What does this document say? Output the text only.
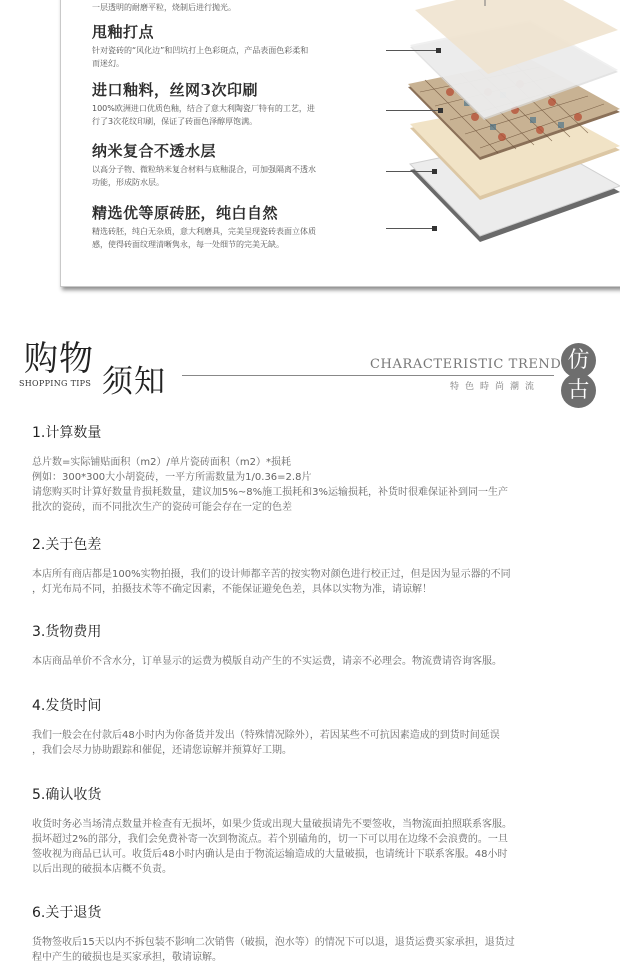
一层透明的耐磨平粒，烧制后进行抛光。
甩釉打点

针对瓷砖的“风化边”和凹坑打上色彩斑点，产品表面色彩柔和
而迷幻。

进口釉料，丝网3次印刷

100%欧洲进口优质色釉，结合了意大利陶瓷厂特有的工艺，进
行了3次花纹印刷，保证了砖面色泽醇厚饱满。

纳米复合不透水层

以高分子物、微粒纳米复合材料与底釉混合，可加强隔离不透水
功能，形成防水层。

精选优等原砖胚，纯白自然

精选砖胚，纯白无杂质，意大利磨具，完美呈现瓷砖表面立体质
感，使得砖面纹理清晰隽永，每一处细节的完美无缺。

购物
须知
SHOPPING TIPS
CHARACTERISTIC TREND
特色時尚潮流
仿
古
1.计算数量

总片数=实际铺贴面积（m2）/单片瓷砖面积（m2）*损耗

例如：300*300大小胡瓷砖，一平方所需数量为1/0.36=2.8片

请您购买时计算好数量肯损耗数量，建议加5%~8%施工损耗和3%运输损耗，补货时很难保证补到同一生产

批次的瓷砖，而不同批次生产的瓷砖可能会存在一定的色差

2.关于色差

本店所有商店都是100%实物拍摄，我们的设计师都辛苦的按实物对颜色进行校正过，但是因为显示器的不同

，灯光布局不同，拍摄技术等不确定因素，不能保证避免色差，具体以实物为准，请谅解！

3.货物费用

本店商品单价不含水分，订单显示的运费为模版自动产生的不实运费，请亲不必理会。物流费请咨询客服。

4.发货时间

我们一般会在付款后48小时内为你备货并发出（特殊情况除外），若因某些不可抗因素造成的到货时间延误

，我们会尽力协助跟踪和催促，还请您谅解并预算好工期。

5.确认收货

收货时务必当场清点数量并检查有无损坏，如果少货或出现大量破损请先不要签收，当物流面拍照联系客服。

损坏超过2%的部分，我们会免费补寄一次到物流点。若个别磕角的，切一下可以用在边缘不会浪费的。一旦

签收视为商品已认可。收货后48小时内确认是由于物流运输造成的大量破损，也请统计下联系客服。48小时

以后出现的破损本店概不负责。

6.关于退货

货物签收后15天以内不拆包装不影响二次销售（破损，泡水等）的情况下可以退，退货运费买家承担，退货过

程中产生的破损也是买家承担，敬请谅解。
